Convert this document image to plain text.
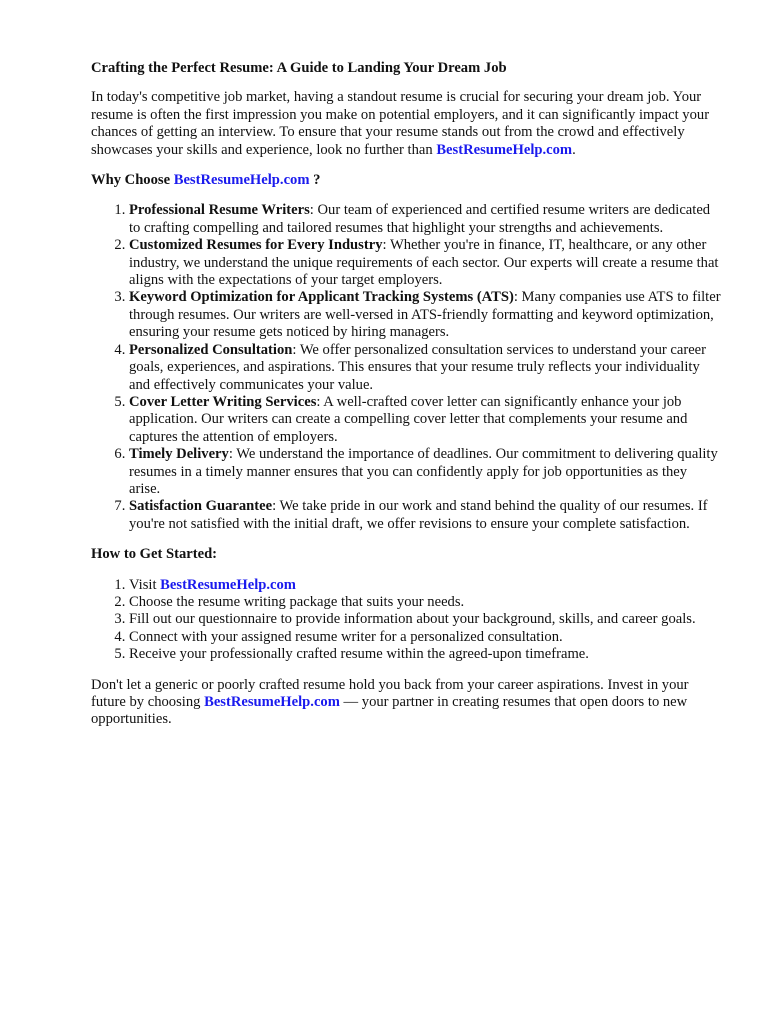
Crafting the Perfect Resume: A Guide to Landing Your Dream Job

In today's competitive job market, having a standout resume is crucial for securing your dream job. Your resume is often the first impression you make on potential employers, and it can significantly impact your chances of getting an interview. To ensure that your resume stands out from the crowd and effectively showcases your skills and experience, look no further than BestResumeHelp.com.

Why Choose BestResumeHelp.com ?
1. Professional Resume Writers: Our team of experienced and certified resume writers are dedicated to crafting compelling and tailored resumes that highlight your strengths and achievements.
2. Customized Resumes for Every Industry: Whether you're in finance, IT, healthcare, or any other industry, we understand the unique requirements of each sector. Our experts will create a resume that aligns with the expectations of your target employers.
3. Keyword Optimization for Applicant Tracking Systems (ATS): Many companies use ATS to filter through resumes. Our writers are well-versed in ATS-friendly formatting and keyword optimization, ensuring your resume gets noticed by hiring managers.
4. Personalized Consultation: We offer personalized consultation services to understand your career goals, experiences, and aspirations. This ensures that your resume truly reflects your individuality and effectively communicates your value.
5. Cover Letter Writing Services: A well-crafted cover letter can significantly enhance your job application. Our writers can create a compelling cover letter that complements your resume and captures the attention of employers.
6. Timely Delivery: We understand the importance of deadlines. Our commitment to delivering quality resumes in a timely manner ensures that you can confidently apply for job opportunities as they arise.
7. Satisfaction Guarantee: We take pride in our work and stand behind the quality of our resumes. If you're not satisfied with the initial draft, we offer revisions to ensure your complete satisfaction.
How to Get Started:
1. Visit BestResumeHelp.com
2. Choose the resume writing package that suits your needs.
3. Fill out our questionnaire to provide information about your background, skills, and career goals.
4. Connect with your assigned resume writer for a personalized consultation.
5. Receive your professionally crafted resume within the agreed-upon timeframe.

Don't let a generic or poorly crafted resume hold you back from your career aspirations. Invest in your future by choosing BestResumeHelp.com — your partner in creating resumes that open doors to new opportunities.
